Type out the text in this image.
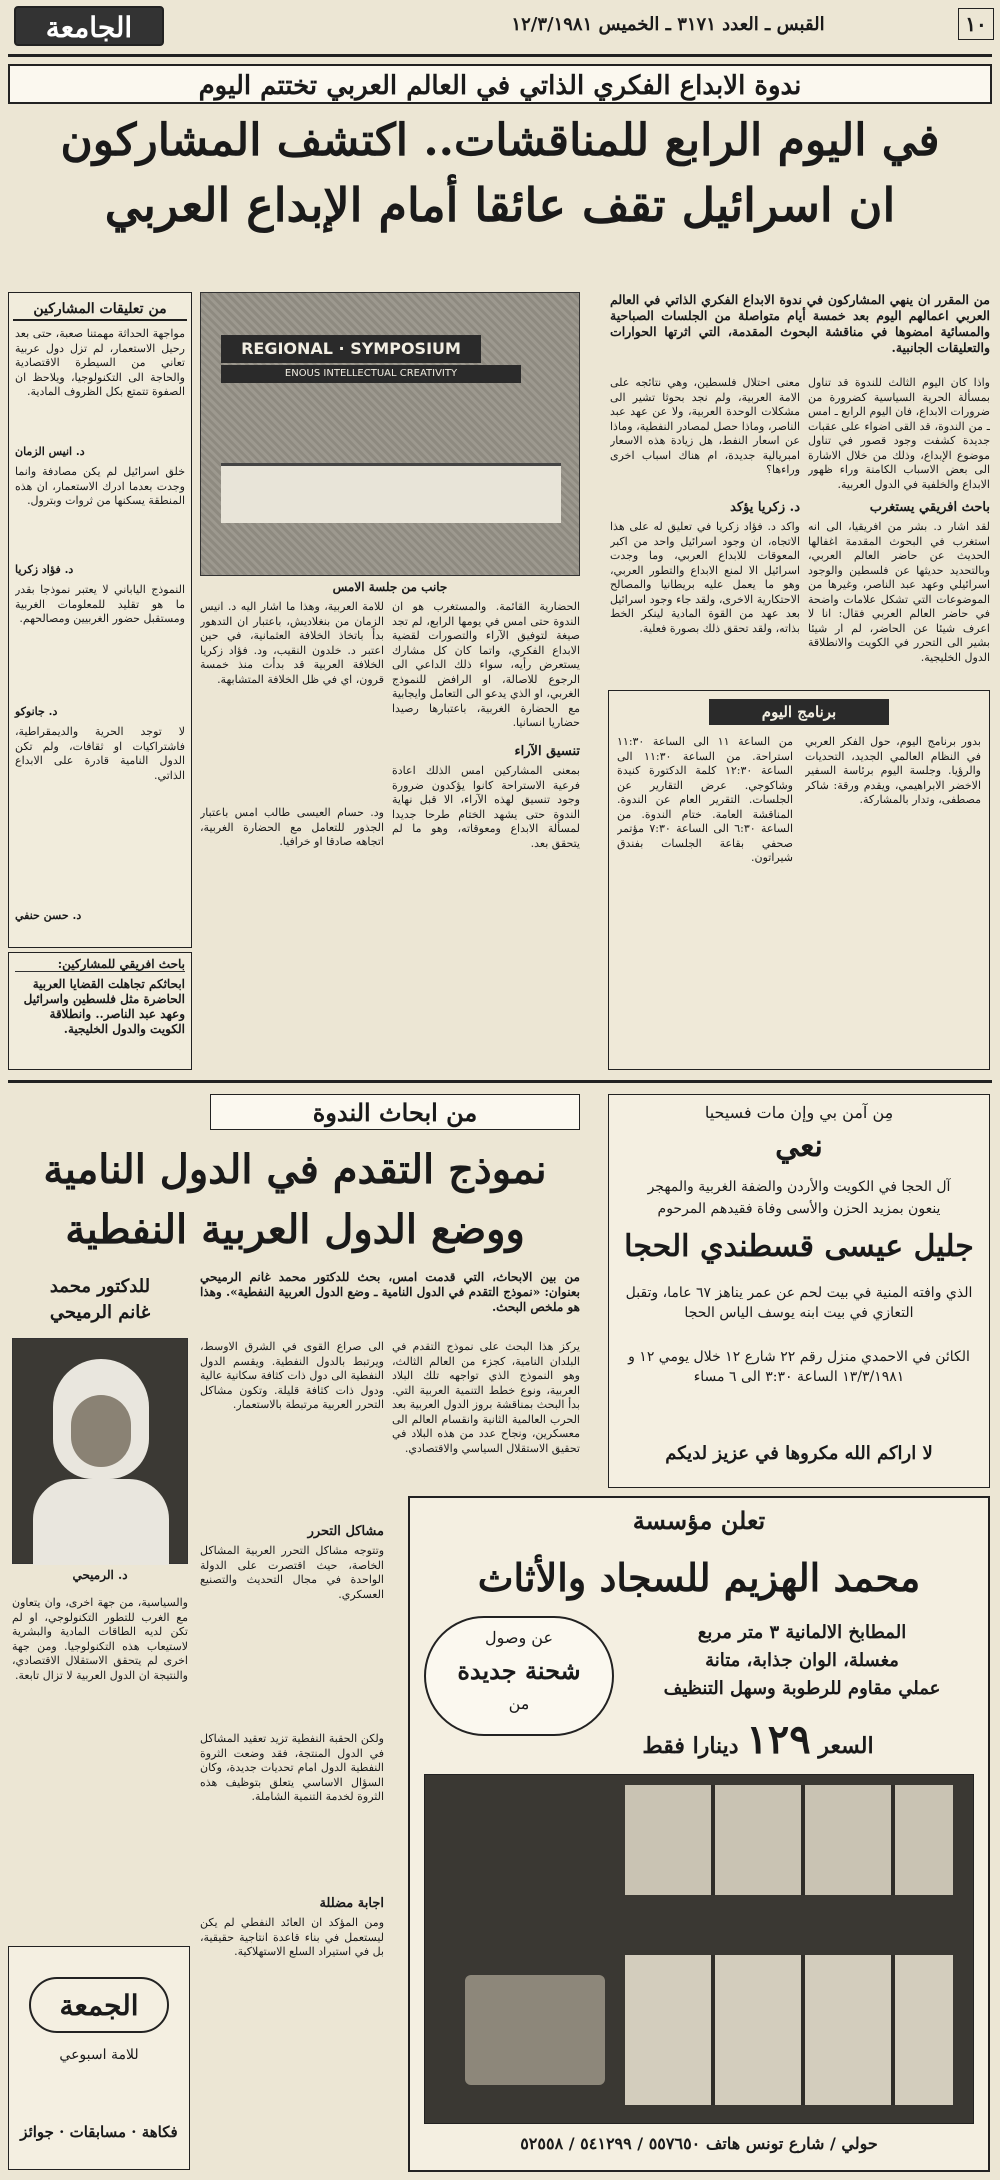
١٠
القبس ـ العدد ٣١٧١ ـ الخميس ١٢/٣/١٩٨١
الجامعة
ندوة الابداع الفكري الذاتي في العالم العربي تختتم اليوم
في اليوم الرابع للمناقشات.. اكتشف المشاركون
ان اسرائيل تقف عائقا أمام الإبداع العربي
من المقرر ان ينهي المشاركون في ندوة الابداع الفكري الذاتي في العالم العربي اعمالهم اليوم بعد خمسة أيام متواصلة من الجلسات الصباحية والمسائية امضوها في مناقشة البحوث المقدمة، التي اثرتها الحوارات والتعليقات الجانبية.
واذا كان اليوم الثالث للندوة قد تناول بمسألة الحرية السياسية كضرورة من ضرورات الابداع، فان اليوم الرابع ـ امس ـ من الندوة، قد القى اضواء على عقبات جديدة كشفت وجود قصور في تناول موضوع الإبداع، وذلك من خلال الاشارة الى بعض الاسباب الكامنة وراء ظهور الابداع والخلفية في الدول العربية.
باحث افريقي يستغرب
لقد اشار د. بشر من افريقيا، الى انه استغرب في البحوث المقدمة اغفالها الحديث عن حاضر العالم العربي، وبالتحديد حديثها عن فلسطين والوجود اسرائيلي وعهد عبد الناصر، وغيرها من الموضوعات التي تشكل علامات واضحة في حاضر العالم العربي فقال: انا لا اعرف شيئا عن الحاضر، لم ار شيئا بشير الى التحرر في الكويت والانطلاقة الدول الخليجية.
معنى احتلال فلسطين، وهي نتائجه على الامة العربية، ولم نجد بحوثا تشير الى مشكلات الوحدة العربية، ولا عن عهد عبد الناصر، وماذا حصل لمصادر النفطية، وماذا عن اسعار النفط، هل زيادة هذه الاسعار امبريالية جديدة، ام هناك اسباب اخرى وراءها؟
د. زكريا يؤكد
واكد د. فؤاد زكريا في تعليق له على هذا الاتجاه، ان وجود اسرائيل واحد من اكبر المعوقات للابداع العربي، وما وجدت اسرائيل الا لمنع الابداع والتطور العربي، وهو ما يعمل عليه بريطانيا والمصالح الاحتكارية الاخرى، ولقد جاء وجود اسرائيل بعد عهد من القوة المادية لينكر الخط بذاته، ولقد تحقق ذلك بصورة فعلية.
REGIONAL · SYMPOSIUM
ENOUS INTELLECTUAL CREATIVITY
جانب من جلسة الامس
الحضارية القائمة. والمستغرب هو ان الندوة حتى امس في يومها الرابع، لم تجد صيغة لتوفيق الآراء والتصورات لقضية الابداع الفكري، واتما كان كل مشارك يستعرض رأيه، سواء ذلك الداعي الى الرجوع للاصالة، او الرافض للنموذج الغربي، او الذي يدعو الى التعامل وايجابية مع الحضارة الغربية، باعتبارها رصيدا حضاريا انسانيا.
تنسيق الآراء
بمعنى المشاركين امس الذلك اعادة فرعية الاستراحة كانوا يؤكدون ضرورة وجود تنسيق لهذه الآراء، الا قبل نهاية الندوة حتى يشهد الختام طرحا جديدا لمسألة الابداع ومعوقاته، وهو ما لم يتحقق بعد.
للامة العربية، وهذا ما اشار اليه د. انيس الزمان من بنغلاديش، باعتبار ان التدهور بدأ باتخاذ الخلافة العثمانية، في حين اعتبر د. خلدون النقيب، ود. فؤاد زكريا الخلافة العربية قد بدأت منذ خمسة قرون، اي في ظل الخلافة المتشابهة.
ود. حسام العيسى طالب امس باعتبار الجذور للتعامل مع الحضارة الغربية، اتجاهه صادقا او خرافيا.
برنامج اليوم
بدور برنامج اليوم، حول الفكر العربي في النظام العالمي الجديد، التحديات والرؤيا. وجلسة اليوم برئاسة السفير الاخضر الابراهيمي، ويقدم ورقة: شاكر مصطفى، وتدار بالمشاركة.
من الساعة ١١ الى الساعة ١١:٣٠ استراحة. من الساعة ١١:٣٠ الى الساعة ١٢:٣٠ كلمة الدكتورة كنيدة وشاكوجي. عرض التقارير عن الجلسات. التقرير العام عن الندوة. المناقشة العامة. ختام الندوة. من الساعة ٦:٣٠ الى الساعة ٧:٣٠ مؤتمر صحفي بقاعة الجلسات بفندق شيراتون.
من تعليقات المشاركين
مواجهة الحداثة مهمتنا صعبة، حتى بعد رحيل الاستعمار، لم تزل دول عربية تعاني من السيطرة الاقتصادية والحاجة الى التكنولوجيا، ويلاحظ ان الصفوة تتمتع بكل الظروف المادية.
د. انيس الزمان
خلق اسرائيل لم يكن مصادفة وانما وجدت بعدما ادرك الاستعمار، ان هذه المنطقة يسكنها من ثروات وبترول.
د. فؤاد زكريا
النموذج الياباني لا يعتبر نموذجا بقدر ما هو تقليد للمعلومات الغربية ومستقبل حضور الغربيين ومصالحهم.
د. جانوكو
لا توجد الحرية والديمقراطية، فاشتراكيات او ثقافات، ولم تكن الدول النامية قادرة على الابداع الذاتي.
د. حسن حنفي
باحث افريقي للمشاركين:
ابحاثكم تجاهلت القضايا العربية الحاضرة مثل فلسطين واسرائيل وعهد عبد الناصر.. وانطلاقة الكويت والدول الخليجية.
من ابحاث الندوة
نموذج التقدم في الدول النامية
ووضع الدول العربية النفطية
من بين الابحاث، التي قدمت امس، بحث للدكتور محمد غانم الرميحي بعنوان: «نموذج التقدم في الدول النامية ـ وضع الدول العربية النفطية». وهذا هو ملخص البحث.
للدكتور محمد
غانم الرميحي
د. الرميحي
يركز هذا البحث على نموذج التقدم في البلدان النامية، كجزء من العالم الثالث، وهو النموذج الذي تواجهه تلك البلاد العربية، ونوع خطط التنمية العربية التي. بدأ البحث بمناقشة بروز الدول العربية بعد الحرب العالمية الثانية وانقسام العالم الى معسكرين، ونجاح عدد من هذه البلاد في تحقيق الاستقلال السياسي والاقتصادي.
الى صراع القوى في الشرق الاوسط، ويرتبط بالدول النفطية. ويقسم الدول النفطية الى دول ذات كثافة سكانية عالية ودول ذات كثافة قليلة. وتكون مشاكل التحرر العربية مرتبطة بالاستعمار.
مشاكل التحرر
وتتوجه مشاكل التحرر العربية المشاكل الخاصة، حيث اقتصرت على الدولة الواحدة في مجال التحديث والتصنيع العسكري.
والسياسية، من جهة اخرى، وان يتعاون مع الغرب للتطور التكنولوجي، او لم تكن لديه الطاقات المادية والبشرية لاستيعاب هذه التكنولوجيا. ومن جهة اخرى لم يتحقق الاستقلال الاقتصادي، والنتيجة ان الدول العربية لا تزال تابعة.
ولكن الحقبة النفطية تزيد تعقيد المشاكل في الدول المنتجة، فقد وضعت الثروة النفطية الدول امام تحديات جديدة، وكان السؤال الاساسي يتعلق بتوظيف هذه الثروة لخدمة التنمية الشاملة.
اجابة مضللة
ومن المؤكد ان العائد النفطي لم يكن ليستعمل في بناء قاعدة انتاجية حقيقية، بل في استيراد السلع الاستهلاكية.
الجمعة
للامة اسبوعي
فكاهة · مسابقات · جوائز
مِن آمن بي وإن مات فسيحيا
نعي
آل الحجا في الكويت والأردن والضفة الغربية والمهجر
ينعون بمزيد الحزن والأسى وفاة فقيدهم المرحوم
جليل عيسى قسطندي الحجا
الذي وافته المنية في بيت لحم عن عمر يناهز ٦٧ عاما، وتقبل التعازي في بيت ابنه يوسف الياس الحجا
الكائن في الاحمدي منزل رقم ٢٢ شارع ١٢ خلال يومي ١٢ و ١٣/٣/١٩٨١ الساعة ٣:٣٠ الى ٦ مساء
لا اراكم الله مكروها في عزيز لديكم
تعلن مؤسسة
محمد الهزيم للسجاد والأثاث
المطابخ الالمانية ٣ متر مربع
مغسلة، الوان جذابة، متانة
عملي مقاوم للرطوبة وسهل التنظيف
عن وصول
شحنة جديدة
من
السعر ١٢٩ دينارا فقط
حولي / شارع تونس هاتف ٥٥٧٦٥٠ / ٥٤١٢٩٩ / ٥٢٥٥٨
